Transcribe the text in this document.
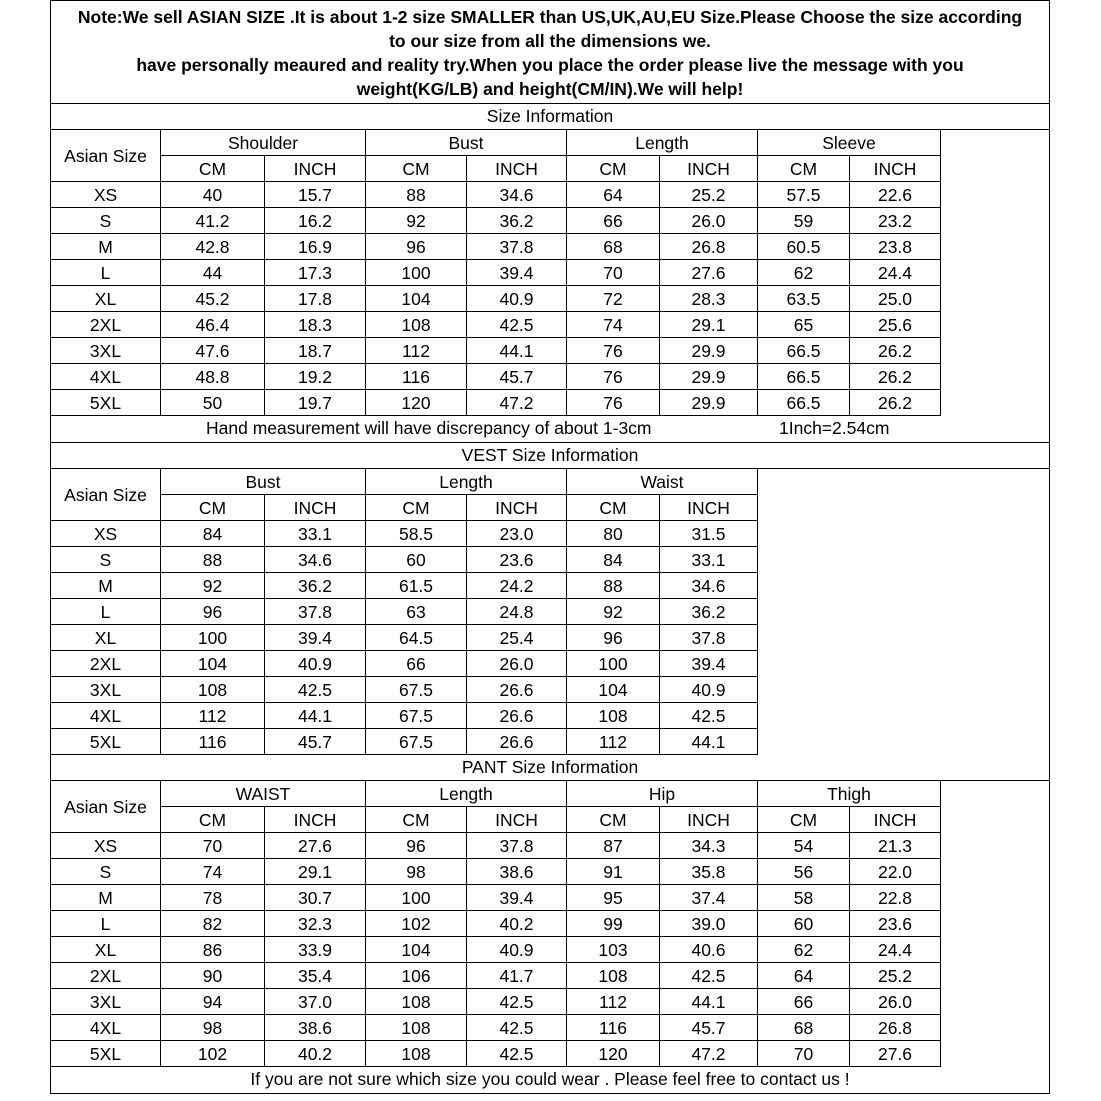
Note:We sell ASIAN SIZE .It is about 1-2 size SMALLER than US,UK,AU,EU Size.Please Choose the size according
to our size from all the dimensions we.
have personally meaured and reality try.When you place the order please live the message with you
weight(KG/LB) and height(CM/IN).We will help!
Size Information
Asian Size	Shoulder		Bust		Length		Sleeve	
	CM	INCH	CM	INCH	CM	INCH	CM	INCH
XS	40	15.7	88	34.6	64	25.2	57.5	22.6
S	41.2	16.2	92	36.2	66	26.0	59	23.2
M	42.8	16.9	96	37.8	68	26.8	60.5	23.8
L	44	17.3	100	39.4	70	27.6	62	24.4
XL	45.2	17.8	104	40.9	72	28.3	63.5	25.0
2XL	46.4	18.3	108	42.5	74	29.1	65	25.6
3XL	47.6	18.7	112	44.1	76	29.9	66.5	26.2
4XL	48.8	19.2	116	45.7	76	29.9	66.5	26.2
5XL	50	19.7	120	47.2	76	29.9	66.5	26.2
Hand measurement will have discrepancy of about 1-3cm	1Inch=2.54cm
VEST Size Information
Asian Size	Bust		Length		Waist	
	CM	INCH	CM	INCH	CM	INCH
XS	84	33.1	58.5	23.0	80	31.5
S	88	34.6	60	23.6	84	33.1
M	92	36.2	61.5	24.2	88	34.6
L	96	37.8	63	24.8	92	36.2
XL	100	39.4	64.5	25.4	96	37.8
2XL	104	40.9	66	26.0	100	39.4
3XL	108	42.5	67.5	26.6	104	40.9
4XL	112	44.1	67.5	26.6	108	42.5
5XL	116	45.7	67.5	26.6	112	44.1
PANT Size Information
Asian Size	WAIST		Length		Hip		Thigh	
	CM	INCH	CM	INCH	CM	INCH	CM	INCH
XS	70	27.6	96	37.8	87	34.3	54	21.3
S	74	29.1	98	38.6	91	35.8	56	22.0
M	78	30.7	100	39.4	95	37.4	58	22.8
L	82	32.3	102	40.2	99	39.0	60	23.6
XL	86	33.9	104	40.9	103	40.6	62	24.4
2XL	90	35.4	106	41.7	108	42.5	64	25.2
3XL	94	37.0	108	42.5	112	44.1	66	26.0
4XL	98	38.6	108	42.5	116	45.7	68	26.8
5XL	102	40.2	108	42.5	120	47.2	70	27.6
If you are not sure which size you could wear . Please feel free to contact us !
